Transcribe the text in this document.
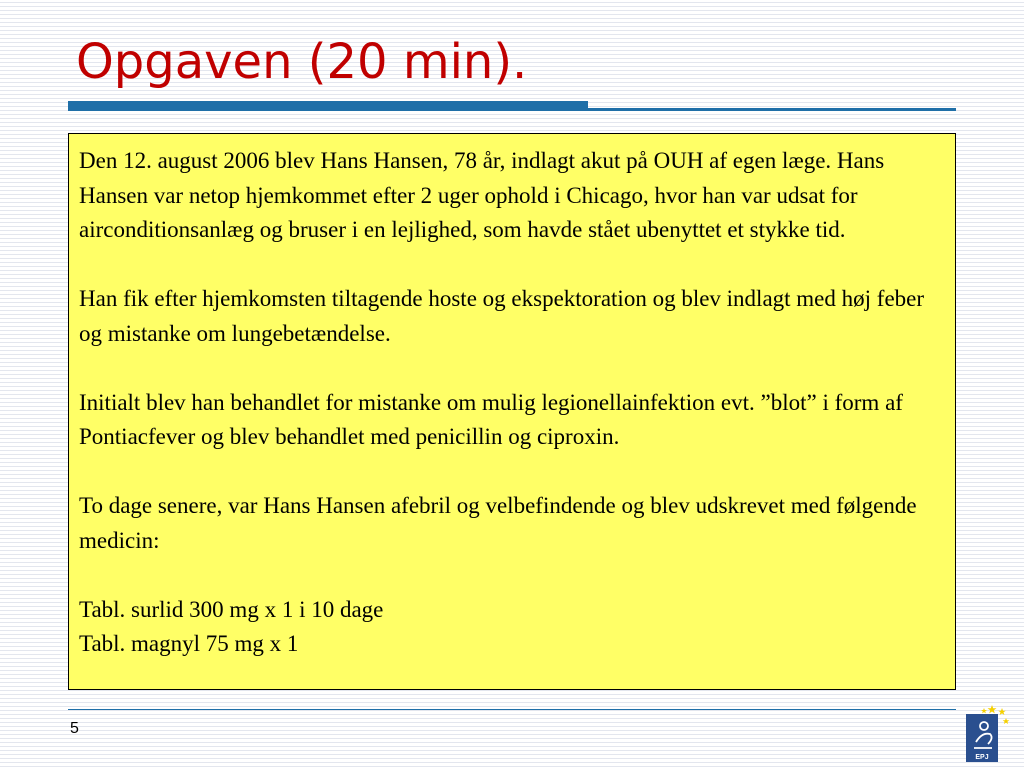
Opgaven (20 min).

Den 12. august 2006 blev Hans Hansen, 78 år, indlagt akut på OUH af egen læge. Hans Hansen var netop hjemkommet efter 2 uger ophold i Chicago, hvor han var udsat for airconditionsanlæg og bruser i en lejlighed, som havde stået ubenyttet et stykke tid.

Han fik efter hjemkomsten tiltagende hoste og ekspektoration og blev indlagt med høj feber og mistanke om lungebetændelse.

Initialt blev han behandlet for mistanke om mulig legionellainfektion evt. ”blot” i form af Pontiacfever og blev behandlet med penicillin og ciproxin.

To dage senere, var Hans Hansen afebril og velbefindende og blev udskrevet med følgende medicin:

Tabl. surlid 300 mg x 1 i 10 dage
Tabl. magnyl 75 mg x 1

5
EPJ
